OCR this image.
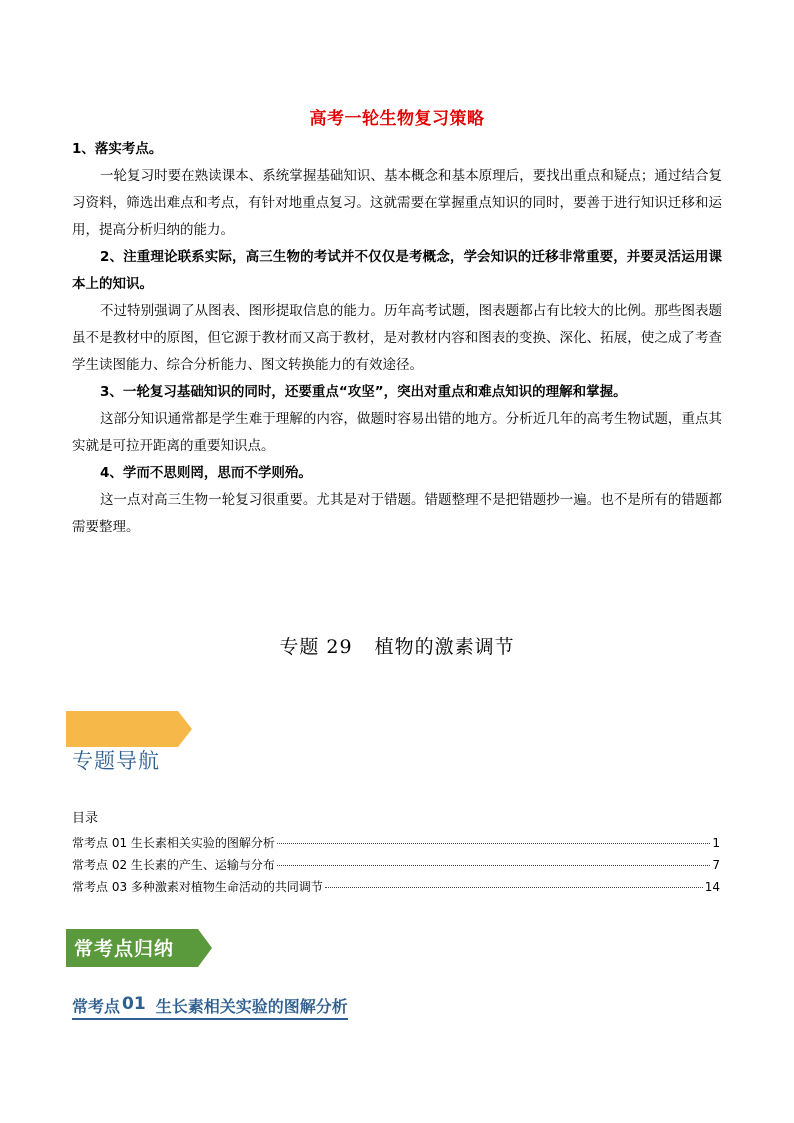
高考一轮生物复习策略
1、落实考点。
一轮复习时要在熟读课本、系统掌握基础知识、基本概念和基本原理后，要找出重点和疑点；通过结合复习资料，筛选出难点和考点，有针对地重点复习。这就需要在掌握重点知识的同时，要善于进行知识迁移和运用，提高分析归纳的能力。
2、注重理论联系实际，高三生物的考试并不仅仅是考概念，学会知识的迁移非常重要，并要灵活运用课本上的知识。
不过特别强调了从图表、图形提取信息的能力。历年高考试题，图表题都占有比较大的比例。那些图表题虽不是教材中的原图，但它源于教材而又高于教材，是对教材内容和图表的变换、深化、拓展，使之成了考查学生读图能力、综合分析能力、图文转换能力的有效途径。
3、一轮复习基础知识的同时，还要重点“攻坚”，突出对重点和难点知识的理解和掌握。
这部分知识通常都是学生难于理解的内容，做题时容易出错的地方。分析近几年的高考生物试题，重点其实就是可拉开距离的重要知识点。
4、学而不思则罔，思而不学则殆。
这一点对高三生物一轮复习很重要。尤其是对于错题。错题整理不是把错题抄一遍。也不是所有的错题都需要整理。
专题 29 植物的激素调节
专题导航
目录
常考点 01 生长素相关实验的图解分析	1
常考点 02 生长素的产生、运输与分布	7
常考点 03 多种激素对植物生命活动的共同调节	14
常考点归纳
常考点 01 生长素相关实验的图解分析
